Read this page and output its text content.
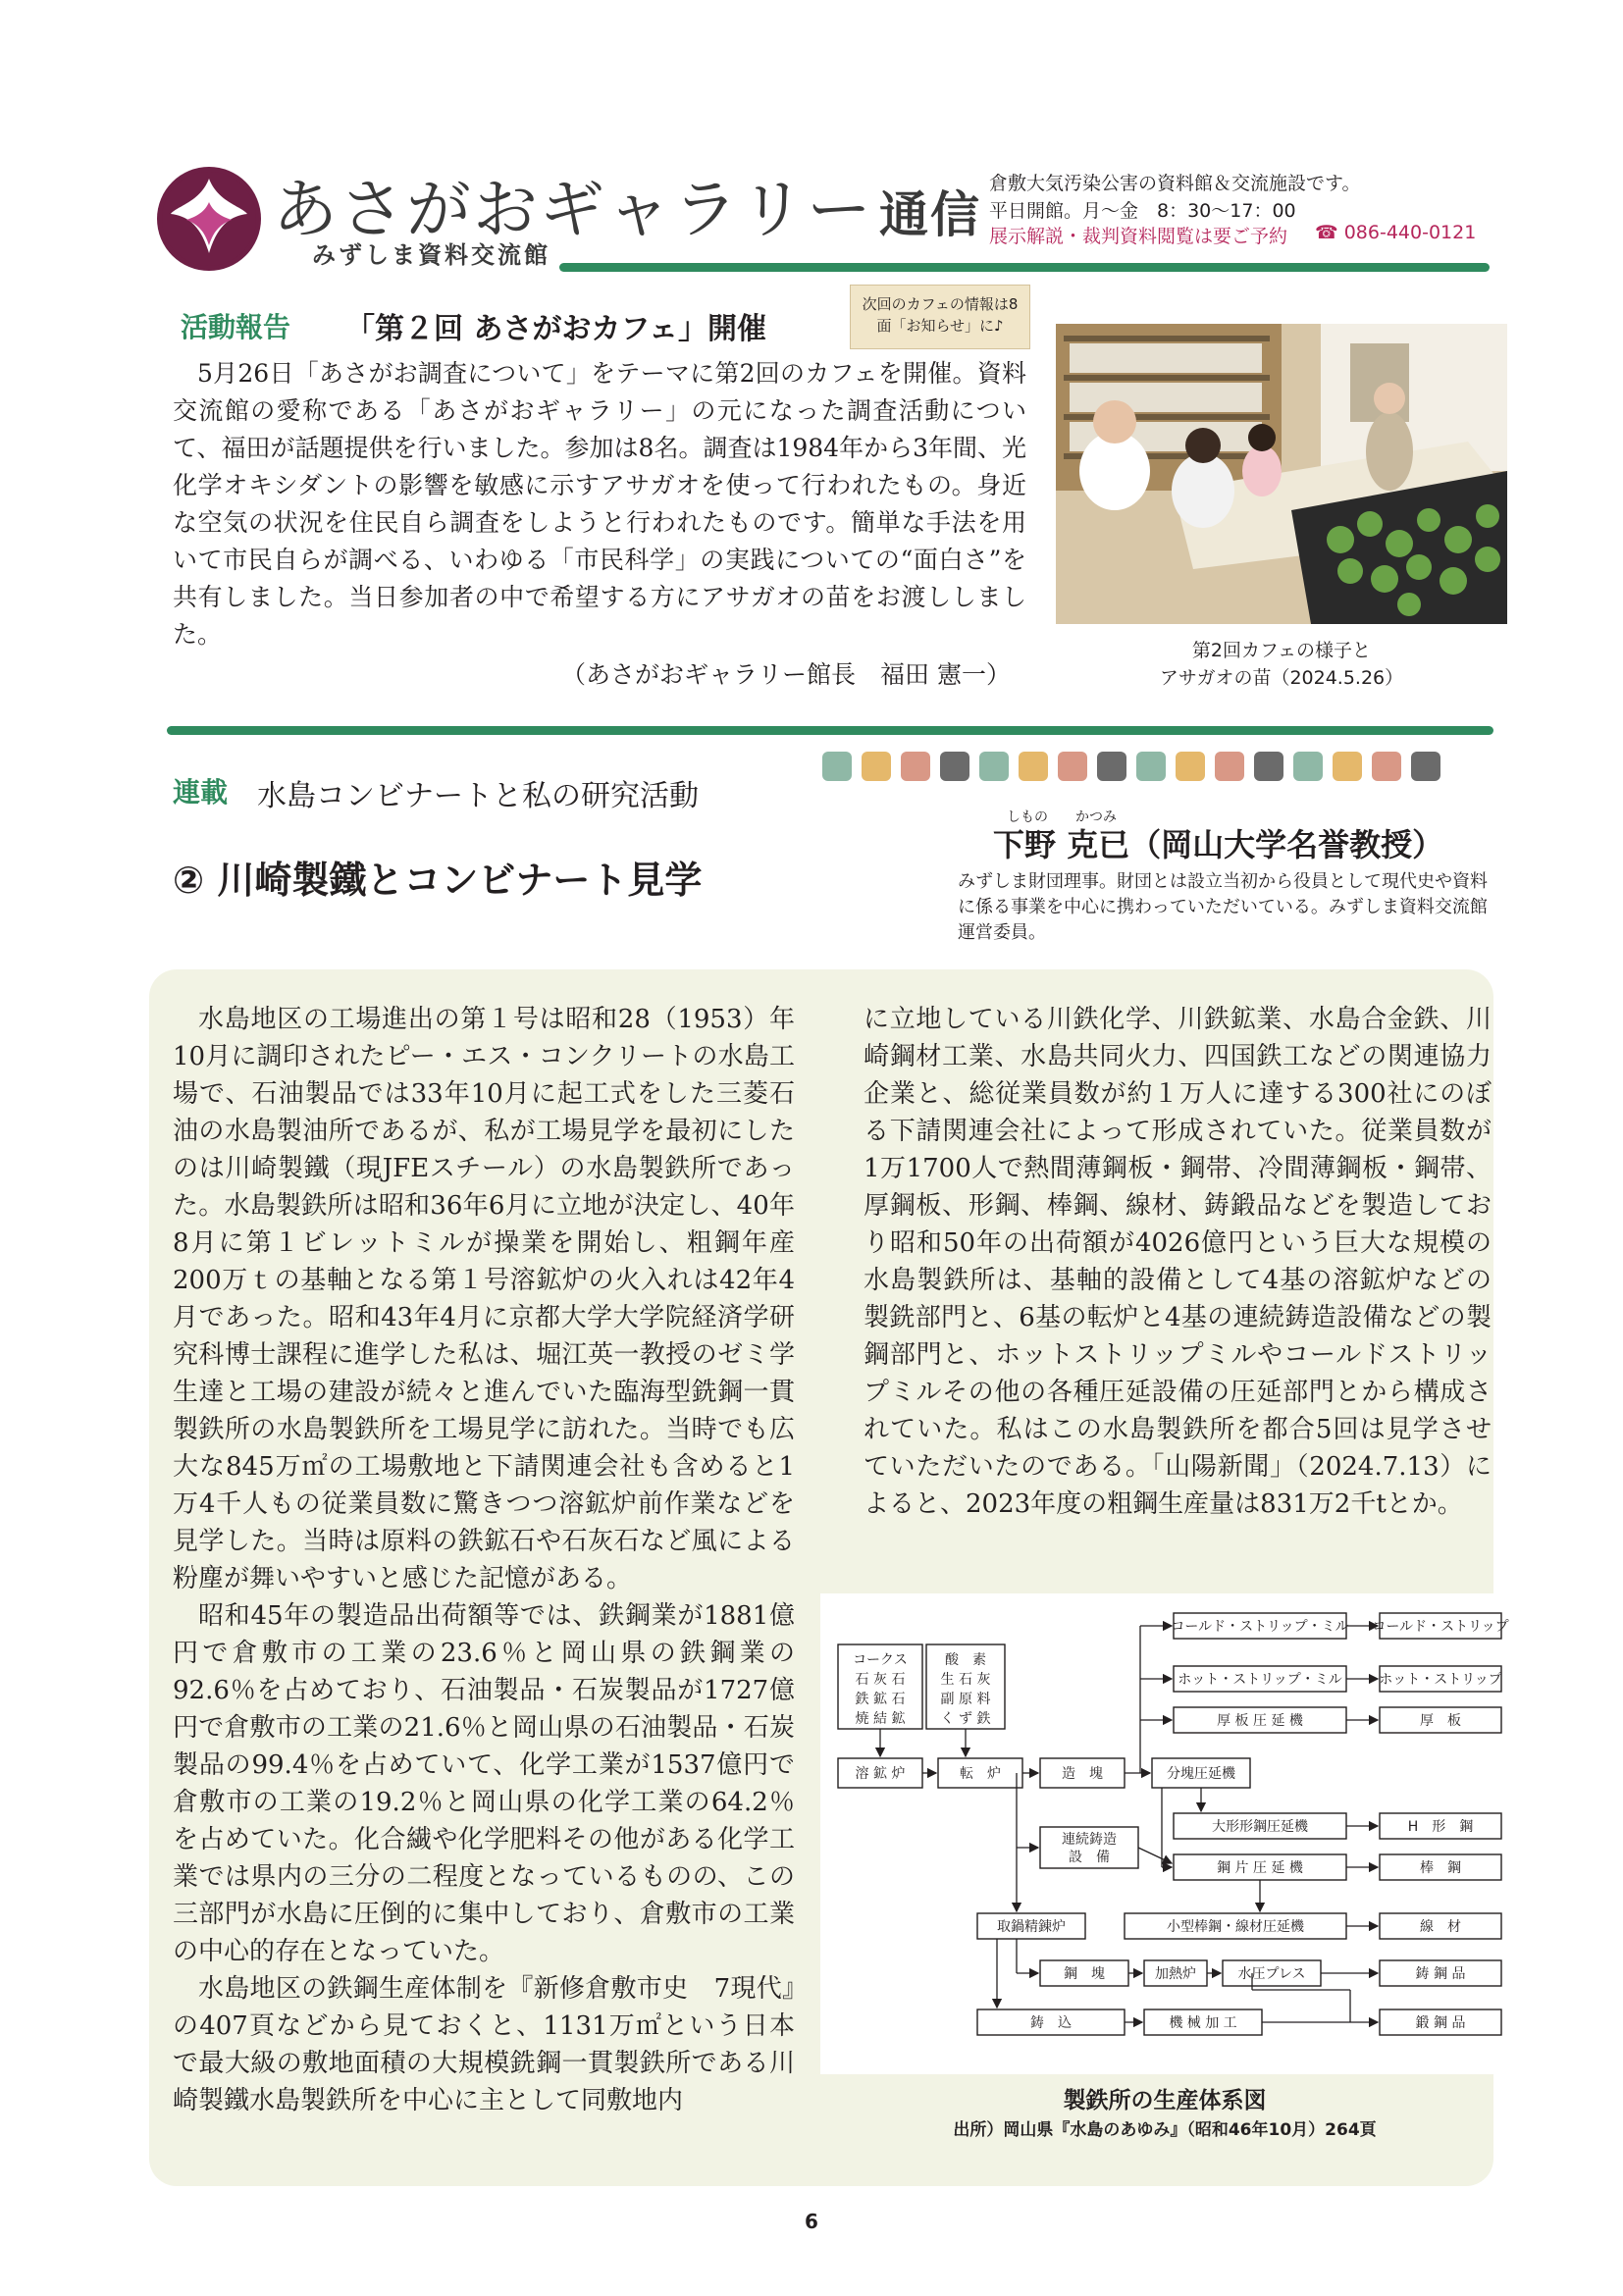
あさがおギャラリー 通信
みずしま資料交流館
倉敷大気汚染公害の資料館＆交流施設です。
平日開館。月〜金　8：30〜17：00
展示解説・裁判資料閲覧は要ご予約 ☎ 086-440-0121
活動報告 「第２回 あさがおカフェ」開催
次回のカフェの情報は8面「お知らせ」に♪

5月26日「あさがお調査について」をテーマに第2回のカフェを開催。資料交流館の愛称である「あさがおギャラリー」の元になった調査活動について、福田が話題提供を行いました。参加は8名。調査は1984年から3年間、光化学オキシダントの影響を敏感に示すアサガオを使って行われたもの。身近な空気の状況を住民自ら調査をしようと行われたものです。簡単な手法を用いて市民自らが調べる、いわゆる「市民科学」の実践についての“面白さ”を共有しました。当日参加者の中で希望する方にアサガオの苗をお渡ししました。

（あさがおギャラリー館長　福田 憲一）
第2回カフェの様子と
アサガオの苗（2024.5.26）
連載 水島コンビナートと私の研究活動
② 川崎製鐵とコンビナート見学
しもの かつみ
下野 克已（岡山大学名誉教授）
みずしま財団理事。財団とは設立当初から役員として現代史や資料に係る事業を中心に携わっていただいている。みずしま資料交流館運営委員。

水島地区の工場進出の第１号は昭和28（1953）年10月に調印されたピー・エス・コンクリートの水島工場で、石油製品では33年10月に起工式をした三菱石油の水島製油所であるが、私が工場見学を最初にしたのは川崎製鐵（現JFEスチール）の水島製鉄所であった。水島製鉄所は昭和36年6月に立地が決定し、40年8月に第１ビレットミルが操業を開始し、粗鋼年産200万ｔの基軸となる第１号溶鉱炉の火入れは42年4月であった。昭和43年4月に京都大学大学院経済学研究科博士課程に進学した私は、堀江英一教授のゼミ学生達と工場の建設が続々と進んでいた臨海型銑鋼一貫製鉄所の水島製鉄所を工場見学に訪れた。当時でも広大な845万㎡の工場敷地と下請関連会社も含めると1万4千人もの従業員数に驚きつつ溶鉱炉前作業などを見学した。当時は原料の鉄鉱石や石灰石など風による粉塵が舞いやすいと感じた記憶がある。

昭和45年の製造品出荷額等では、鉄鋼業が1881億円で倉敷市の工業の23.6％と岡山県の鉄鋼業の92.6％を占めており、石油製品・石炭製品が1727億円で倉敷市の工業の21.6％と岡山県の石油製品・石炭製品の99.4％を占めていて、化学工業が1537億円で倉敷市の工業の19.2％と岡山県の化学工業の64.2％を占めていた。化合繊や化学肥料その他がある化学工業では県内の三分の二程度となっているものの、この三部門が水島に圧倒的に集中しており、倉敷市の工業の中心的存在となっていた。

水島地区の鉄鋼生産体制を『新修倉敷市史　7現代』の407頁などから見ておくと、1131万㎡という日本で最大級の敷地面積の大規模銑鋼一貫製鉄所である川崎製鐵水島製鉄所を中心に主として同敷地内

に立地している川鉄化学、川鉄鉱業、水島合金鉄、川崎鋼材工業、水島共同火力、四国鉄工などの関連協力企業と、総従業員数が約１万人に達する300社にのぼる下請関連会社によって形成されていた。従業員数が1万1700人で熱間薄鋼板・鋼帯、冷間薄鋼板・鋼帯、厚鋼板、形鋼、棒鋼、線材、鋳鍛品などを製造しており昭和50年の出荷額が4026億円という巨大な規模の水島製鉄所は、基軸的設備として4基の溶鉱炉などの製銑部門と、6基の転炉と4基の連続鋳造設備などの製鋼部門と、ホットストリップミルやコールドストリップミルその他の各種圧延設備の圧延部門とから構成されていた。私はこの水島製鉄所を都合5回は見学させていただいたのである。「山陽新聞」（2024.7.13）によると、2023年度の粗鋼生産量は831万2千tとか。

コークス
石 灰 石
鉄 鉱 石
焼 結 鉱
酸　素
生 石 灰
副 原 料
く ず 鉄
溶 鉱 炉	転　炉	造　塊	分塊圧延機
コールド・ストリップ・ミル コールド・ストリップ
ホット・ストリップ・ミル	ホット・ストリップ
厚 板 圧 延 機	厚　板
大形形鋼圧延機	H　形　鋼
鋼 片 圧 延 機	棒　鋼
小型棒鋼・線材圧延機	線　材
連続鋳造
設　備
取鍋精錬炉
鋼　塊	加熱炉	水圧プレス	鋳 鋼 品
鋳　込	機 械 加 工	鍛 鋼 品
製鉄所の生産体系図
出所）岡山県『水島のあゆみ』（昭和46年10月）264頁
6
